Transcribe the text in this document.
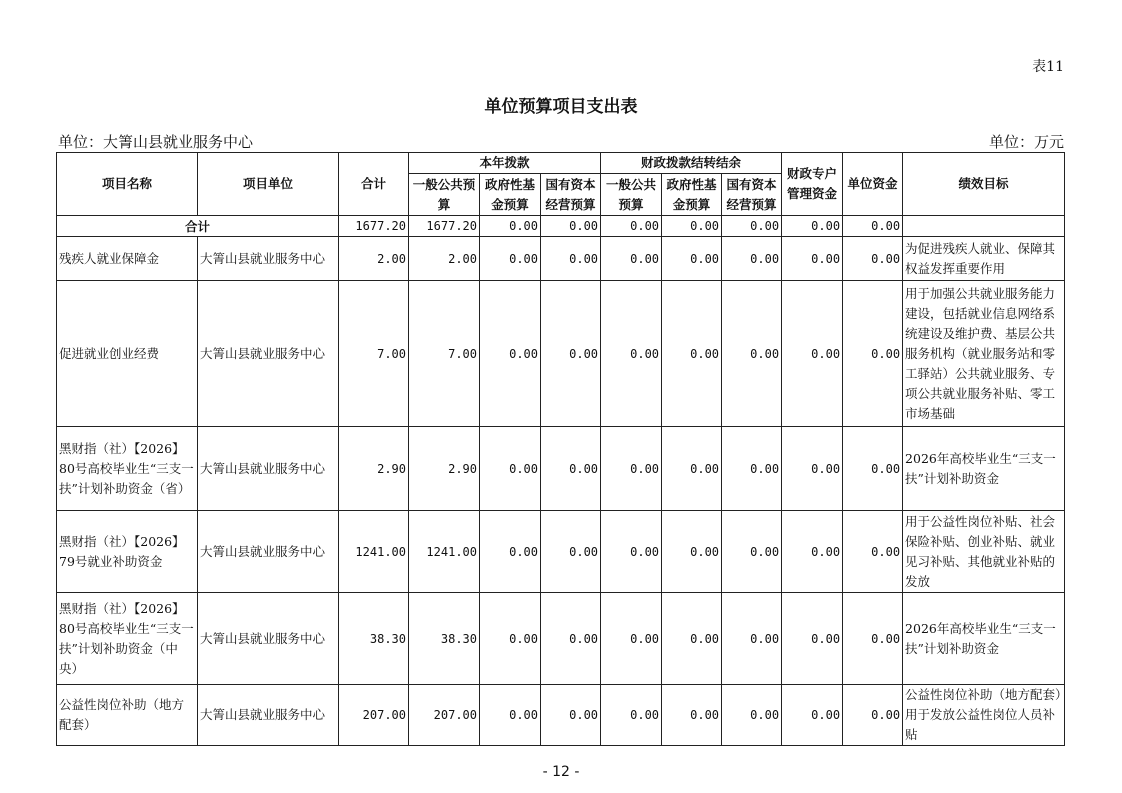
表11
单位预算项目支出表
单位：大箐山县就业服务中心	单位：万元
项目名称	项目单位	合计	本年拨款			财政拨款结转结余			财政专户管理资金	单位资金	绩效目标
			一般公共预算	政府性基金预算	国有资本经营预算	一般公共预算	政府性基金预算	国有资本经营预算			
合计		1677.20	1677.20	0.00	0.00	0.00	0.00	0.00	0.00	0.00	
残疾人就业保障金	大箐山县就业服务中心	2.00	2.00	0.00	0.00	0.00	0.00	0.00	0.00	0.00	为促进残疾人就业、保障其权益发挥重要作用
促进就业创业经费	大箐山县就业服务中心	7.00	7.00	0.00	0.00	0.00	0.00	0.00	0.00	0.00	用于加强公共就业服务能力建设，包括就业信息网络系统建设及维护费、基层公共服务机构（就业服务站和零工驿站）公共就业服务、专项公共就业服务补贴、零工市场基础
黑财指（社）【2026】80号高校毕业生“三支一扶”计划补助资金（省）	大箐山县就业服务中心	2.90	2.90	0.00	0.00	0.00	0.00	0.00	0.00	0.00	2026年高校毕业生“三支一扶”计划补助资金
黑财指（社）【2026】79号就业补助资金	大箐山县就业服务中心	1241.00	1241.00	0.00	0.00	0.00	0.00	0.00	0.00	0.00	用于公益性岗位补贴、社会保险补贴、创业补贴、就业见习补贴、其他就业补贴的发放
黑财指（社）【2026】80号高校毕业生“三支一扶”计划补助资金（中央）	大箐山县就业服务中心	38.30	38.30	0.00	0.00	0.00	0.00	0.00	0.00	0.00	2026年高校毕业生“三支一扶”计划补助资金
公益性岗位补助（地方配套）	大箐山县就业服务中心	207.00	207.00	0.00	0.00	0.00	0.00	0.00	0.00	0.00	公益性岗位补助（地方配套）用于发放公益性岗位人员补贴
- 12 -
